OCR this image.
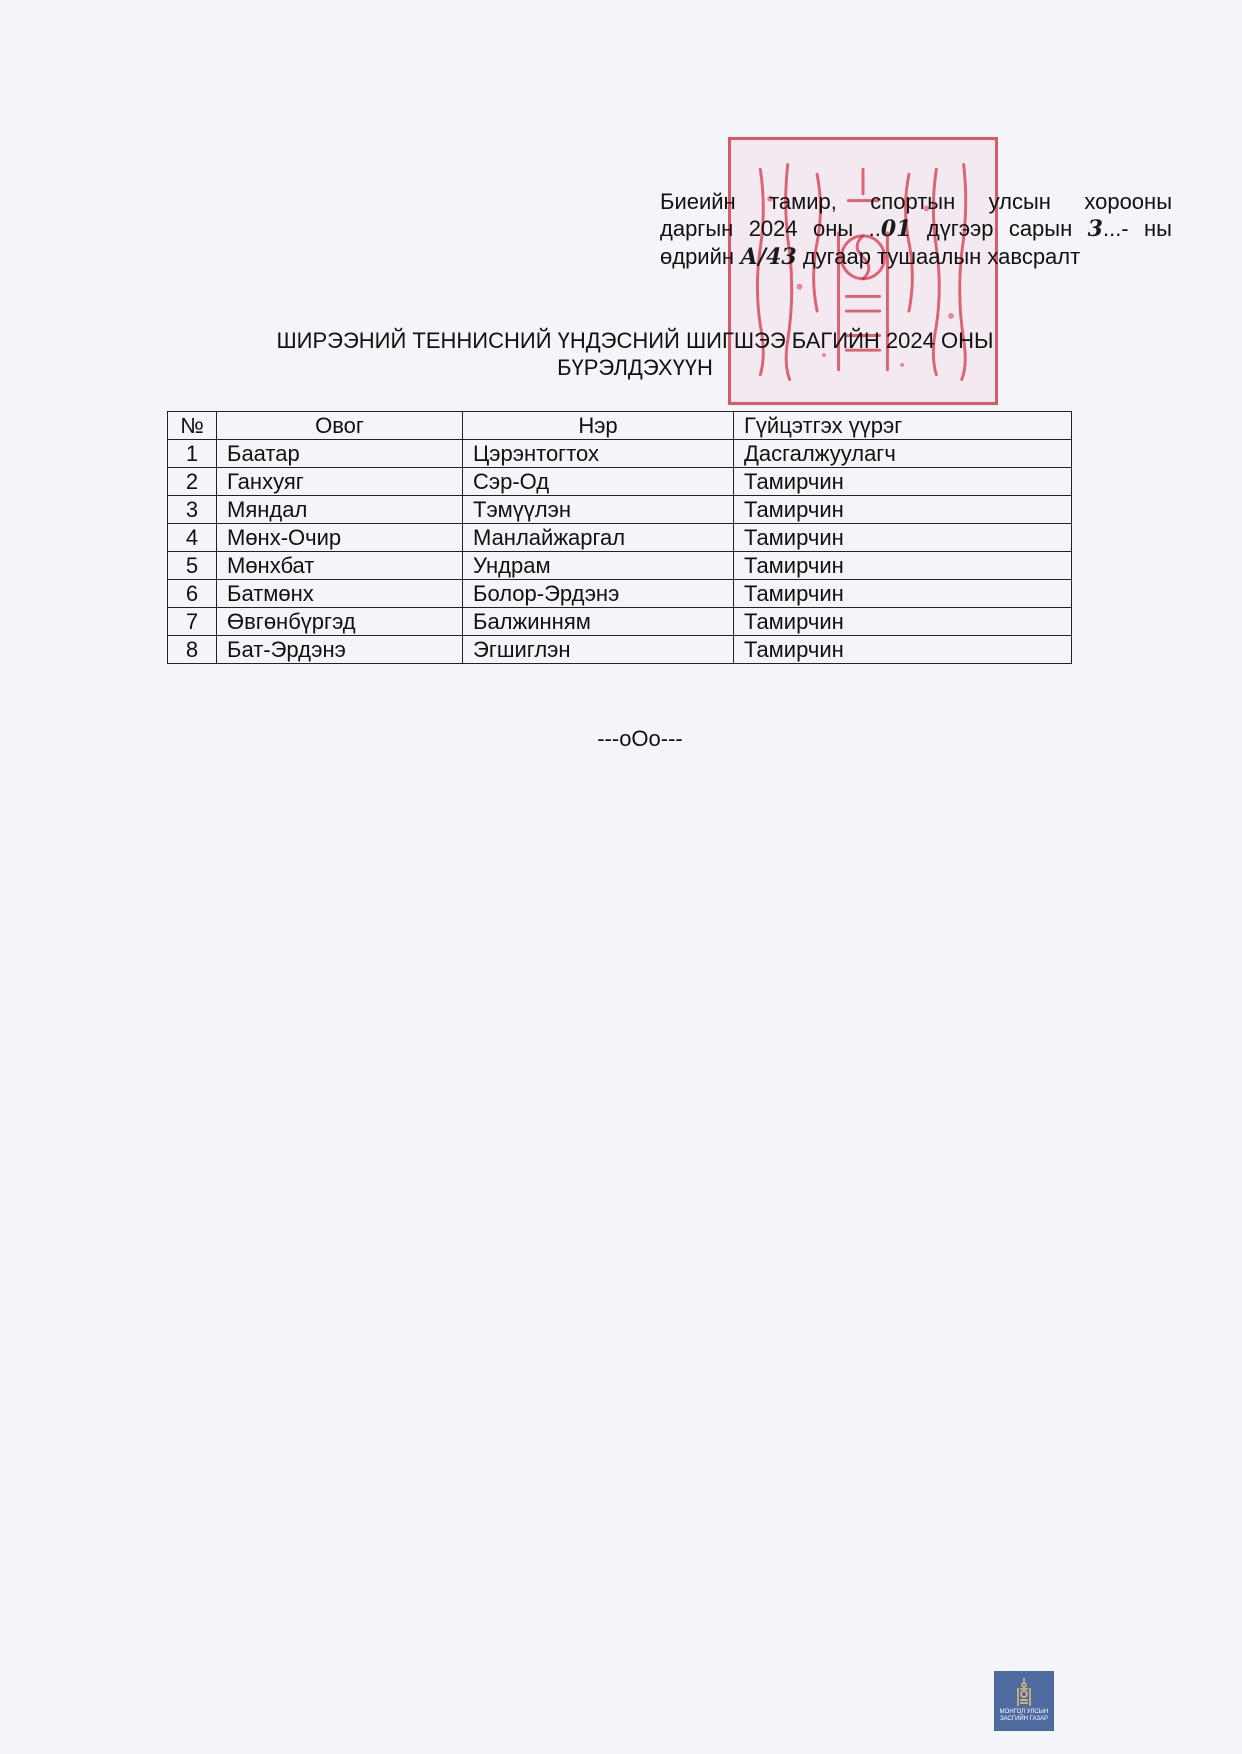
Биеийн тамир, спортын улсын хорооны
даргын 2024 оны ..01 дүгээр сарын 3...- ны
өдрийн А/43 дугаар тушаалын хавсралт
ШИРЭЭНИЙ ТЕННИСНИЙ ҮНДЭСНИЙ ШИГШЭЭ БАГИЙН 2024 ОНЫ
БҮРЭЛДЭХҮҮН
№	Овог	Нэр	Гүйцэтгэх үүрэг
1	Баатар	Цэрэнтогтох	Дасгалжуулагч
2	Ганхуяг	Сэр-Од	Тамирчин
3	Мяндал	Тэмүүлэн	Тамирчин
4	Мөнх-Очир	Манлайжаргал	Тамирчин
5	Мөнхбат	Ундрам	Тамирчин
6	Батмөнх	Болор-Эрдэнэ	Тамирчин
7	Өвгөнбүргэд	Балжинням	Тамирчин
8	Бат-Эрдэнэ	Эгшиглэн	Тамирчин
---oOo---
МОНГОЛ УЛСЫН ЗАСГИЙН ГАЗАР
